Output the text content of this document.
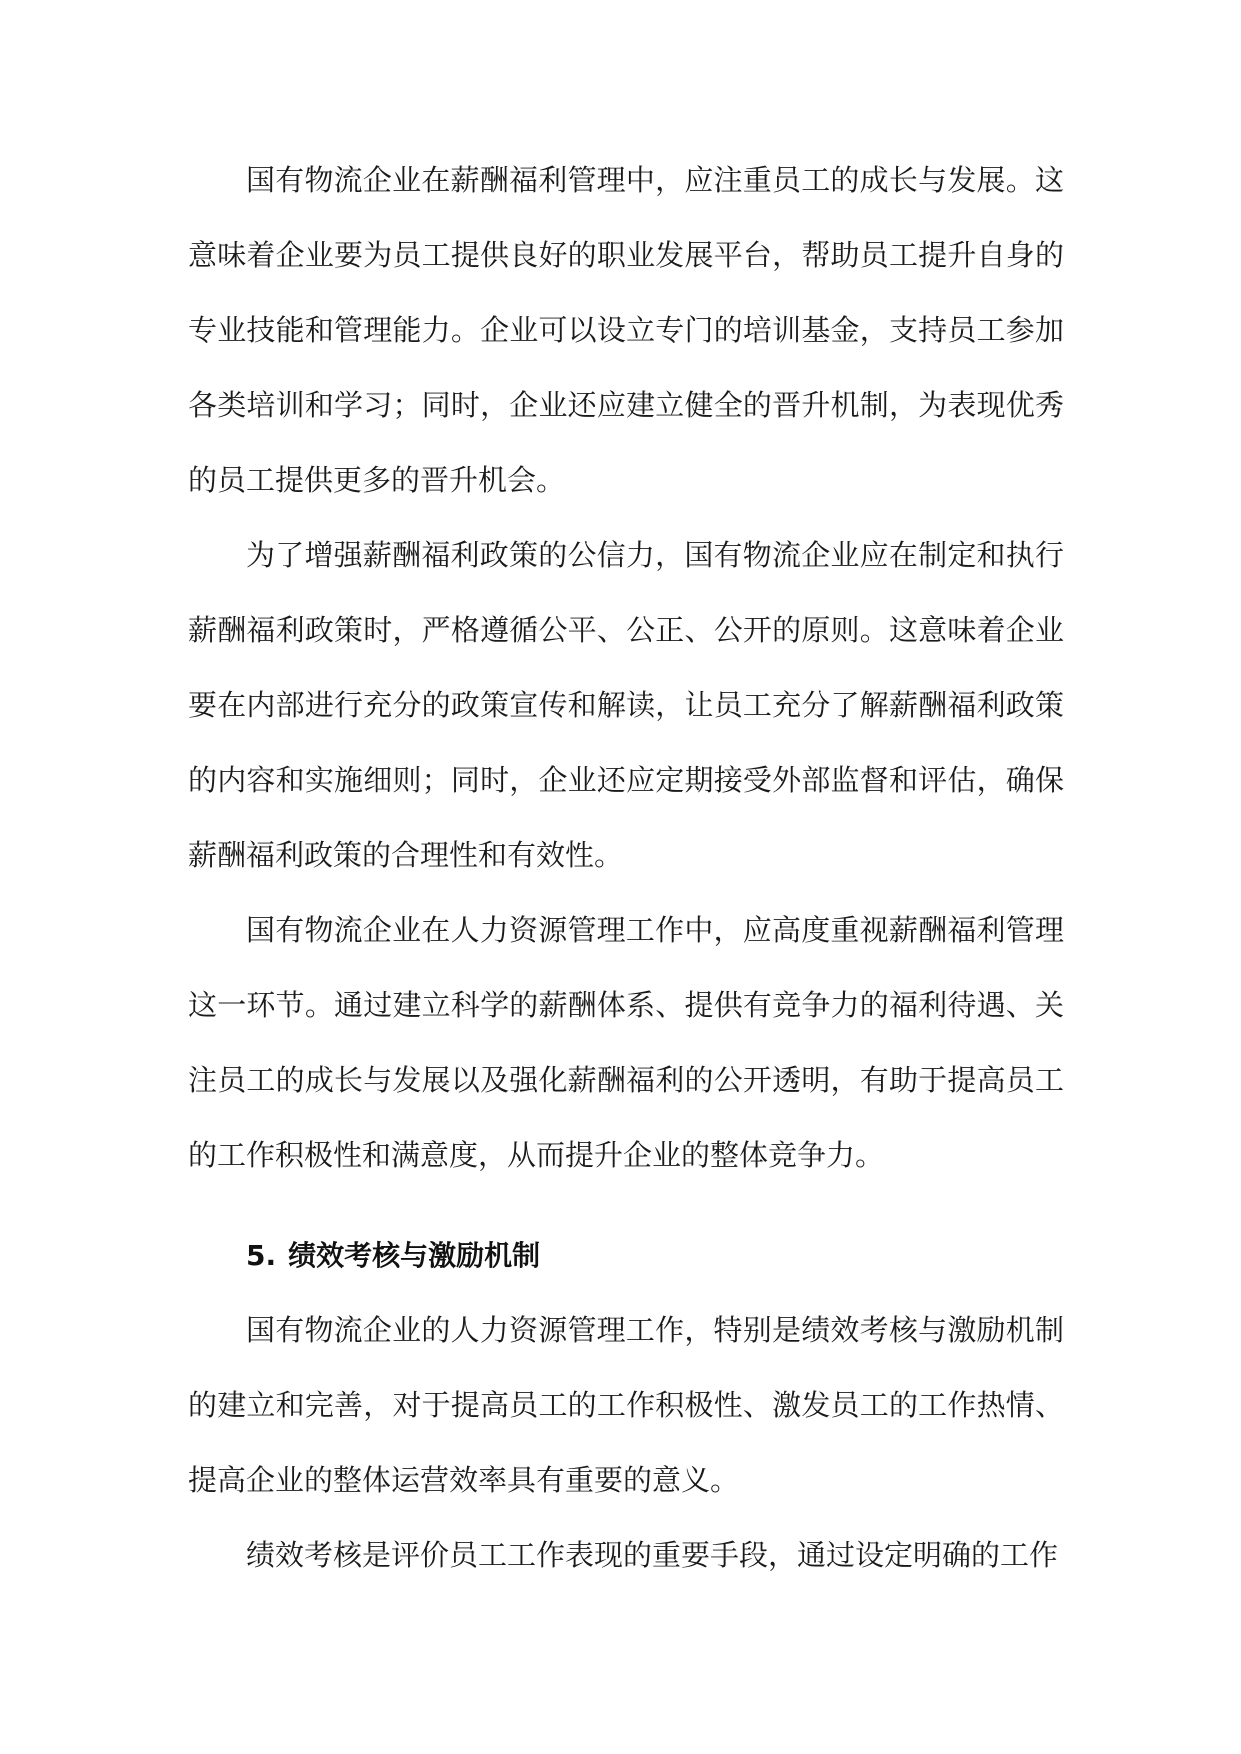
国有物流企业在薪酬福利管理中，应注重员工的成长与发展。这意味着企业要为员工提供良好的职业发展平台，帮助员工提升自身的专业技能和管理能力。企业可以设立专门的培训基金，支持员工参加各类培训和学习；同时，企业还应建立健全的晋升机制，为表现优秀的员工提供更多的晋升机会。

为了增强薪酬福利政策的公信力，国有物流企业应在制定和执行薪酬福利政策时，严格遵循公平、公正、公开的原则。这意味着企业要在内部进行充分的政策宣传和解读，让员工充分了解薪酬福利政策的内容和实施细则；同时，企业还应定期接受外部监督和评估，确保薪酬福利政策的合理性和有效性。

国有物流企业在人力资源管理工作中，应高度重视薪酬福利管理这一环节。通过建立科学的薪酬体系、提供有竞争力的福利待遇、关注员工的成长与发展以及强化薪酬福利的公开透明，有助于提高员工的工作积极性和满意度，从而提升企业的整体竞争力。

5. 绩效考核与激励机制

国有物流企业的人力资源管理工作，特别是绩效考核与激励机制的建立和完善，对于提高员工的工作积极性、激发员工的工作热情、提高企业的整体运营效率具有重要的意义。

绩效考核是评价员工工作表现的重要手段，通过设定明确的工作
